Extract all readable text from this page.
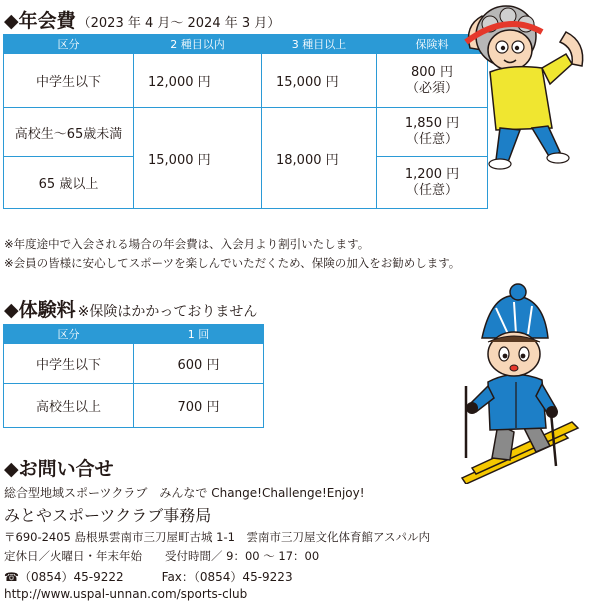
◆年会費 （2023 年 4 月～ 2024 年 3 月）
区分	2 種目以内	3 種目以上	保険料
中学生以下	12,000 円	15,000 円	800 円
（必須）

高校生～65歳未満	15,000 円	18,000 円	1,850 円
（任意）

65 歳以上			1,200 円
（任意）
※年度途中で入会される場合の年会費は、入会月より割引いたします。
※会員の皆様に安心してスポーツを楽しんでいただくため、保険の加入をお勧めします。
◆体験料 ※保険はかかっておりません
区分	1 回
中学生以下	600 円
高校生以上	700 円
◆お問い合せ
総合型地域スポーツクラブ　みんなで Change!Challenge!Enjoy!
みとやスポーツクラブ事務局
〒690-2405 島根県雲南市三刀屋町古城 1-1　雲南市三刀屋文化体育館アスパル内
定休日／火曜日・年末年始　　受付時間／ 9：00 ～ 17：00
☎（0854）45-9222	Fax：（0854）45-9223
http://www.uspal-unnan.com/sports-club
